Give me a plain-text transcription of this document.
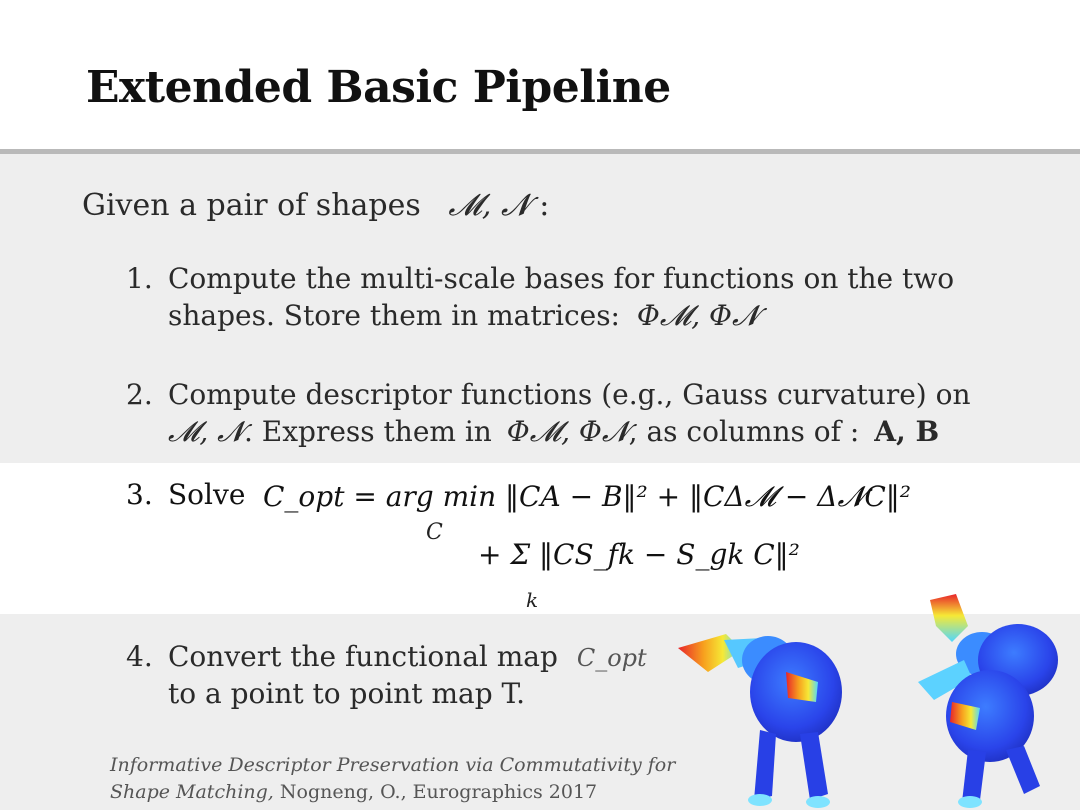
Extended Basic Pipeline
Given a pair of shapes 𝓜, 𝓝 :
1. Compute the multi-scale bases for functions on the two
shapes. Store them in matrices: Φ𝓜, Φ𝓝
2. Compute descriptor functions (e.g., Gauss curvature) on
𝓜, 𝓝. Express them in Φ𝓜, Φ𝓝, as columns of : A, B
3. Solve C_opt = arg min ‖CA − B‖² + ‖CΔ𝓜 − Δ𝓝C‖²
C
+ Σ ‖CS_fk − S_gk C‖²
k
4. Convert the functional map C_opt
to a point to point map T.
Informative Descriptor Preservation via Commutativity for
Shape Matching, Nogneng, O., Eurographics 2017
